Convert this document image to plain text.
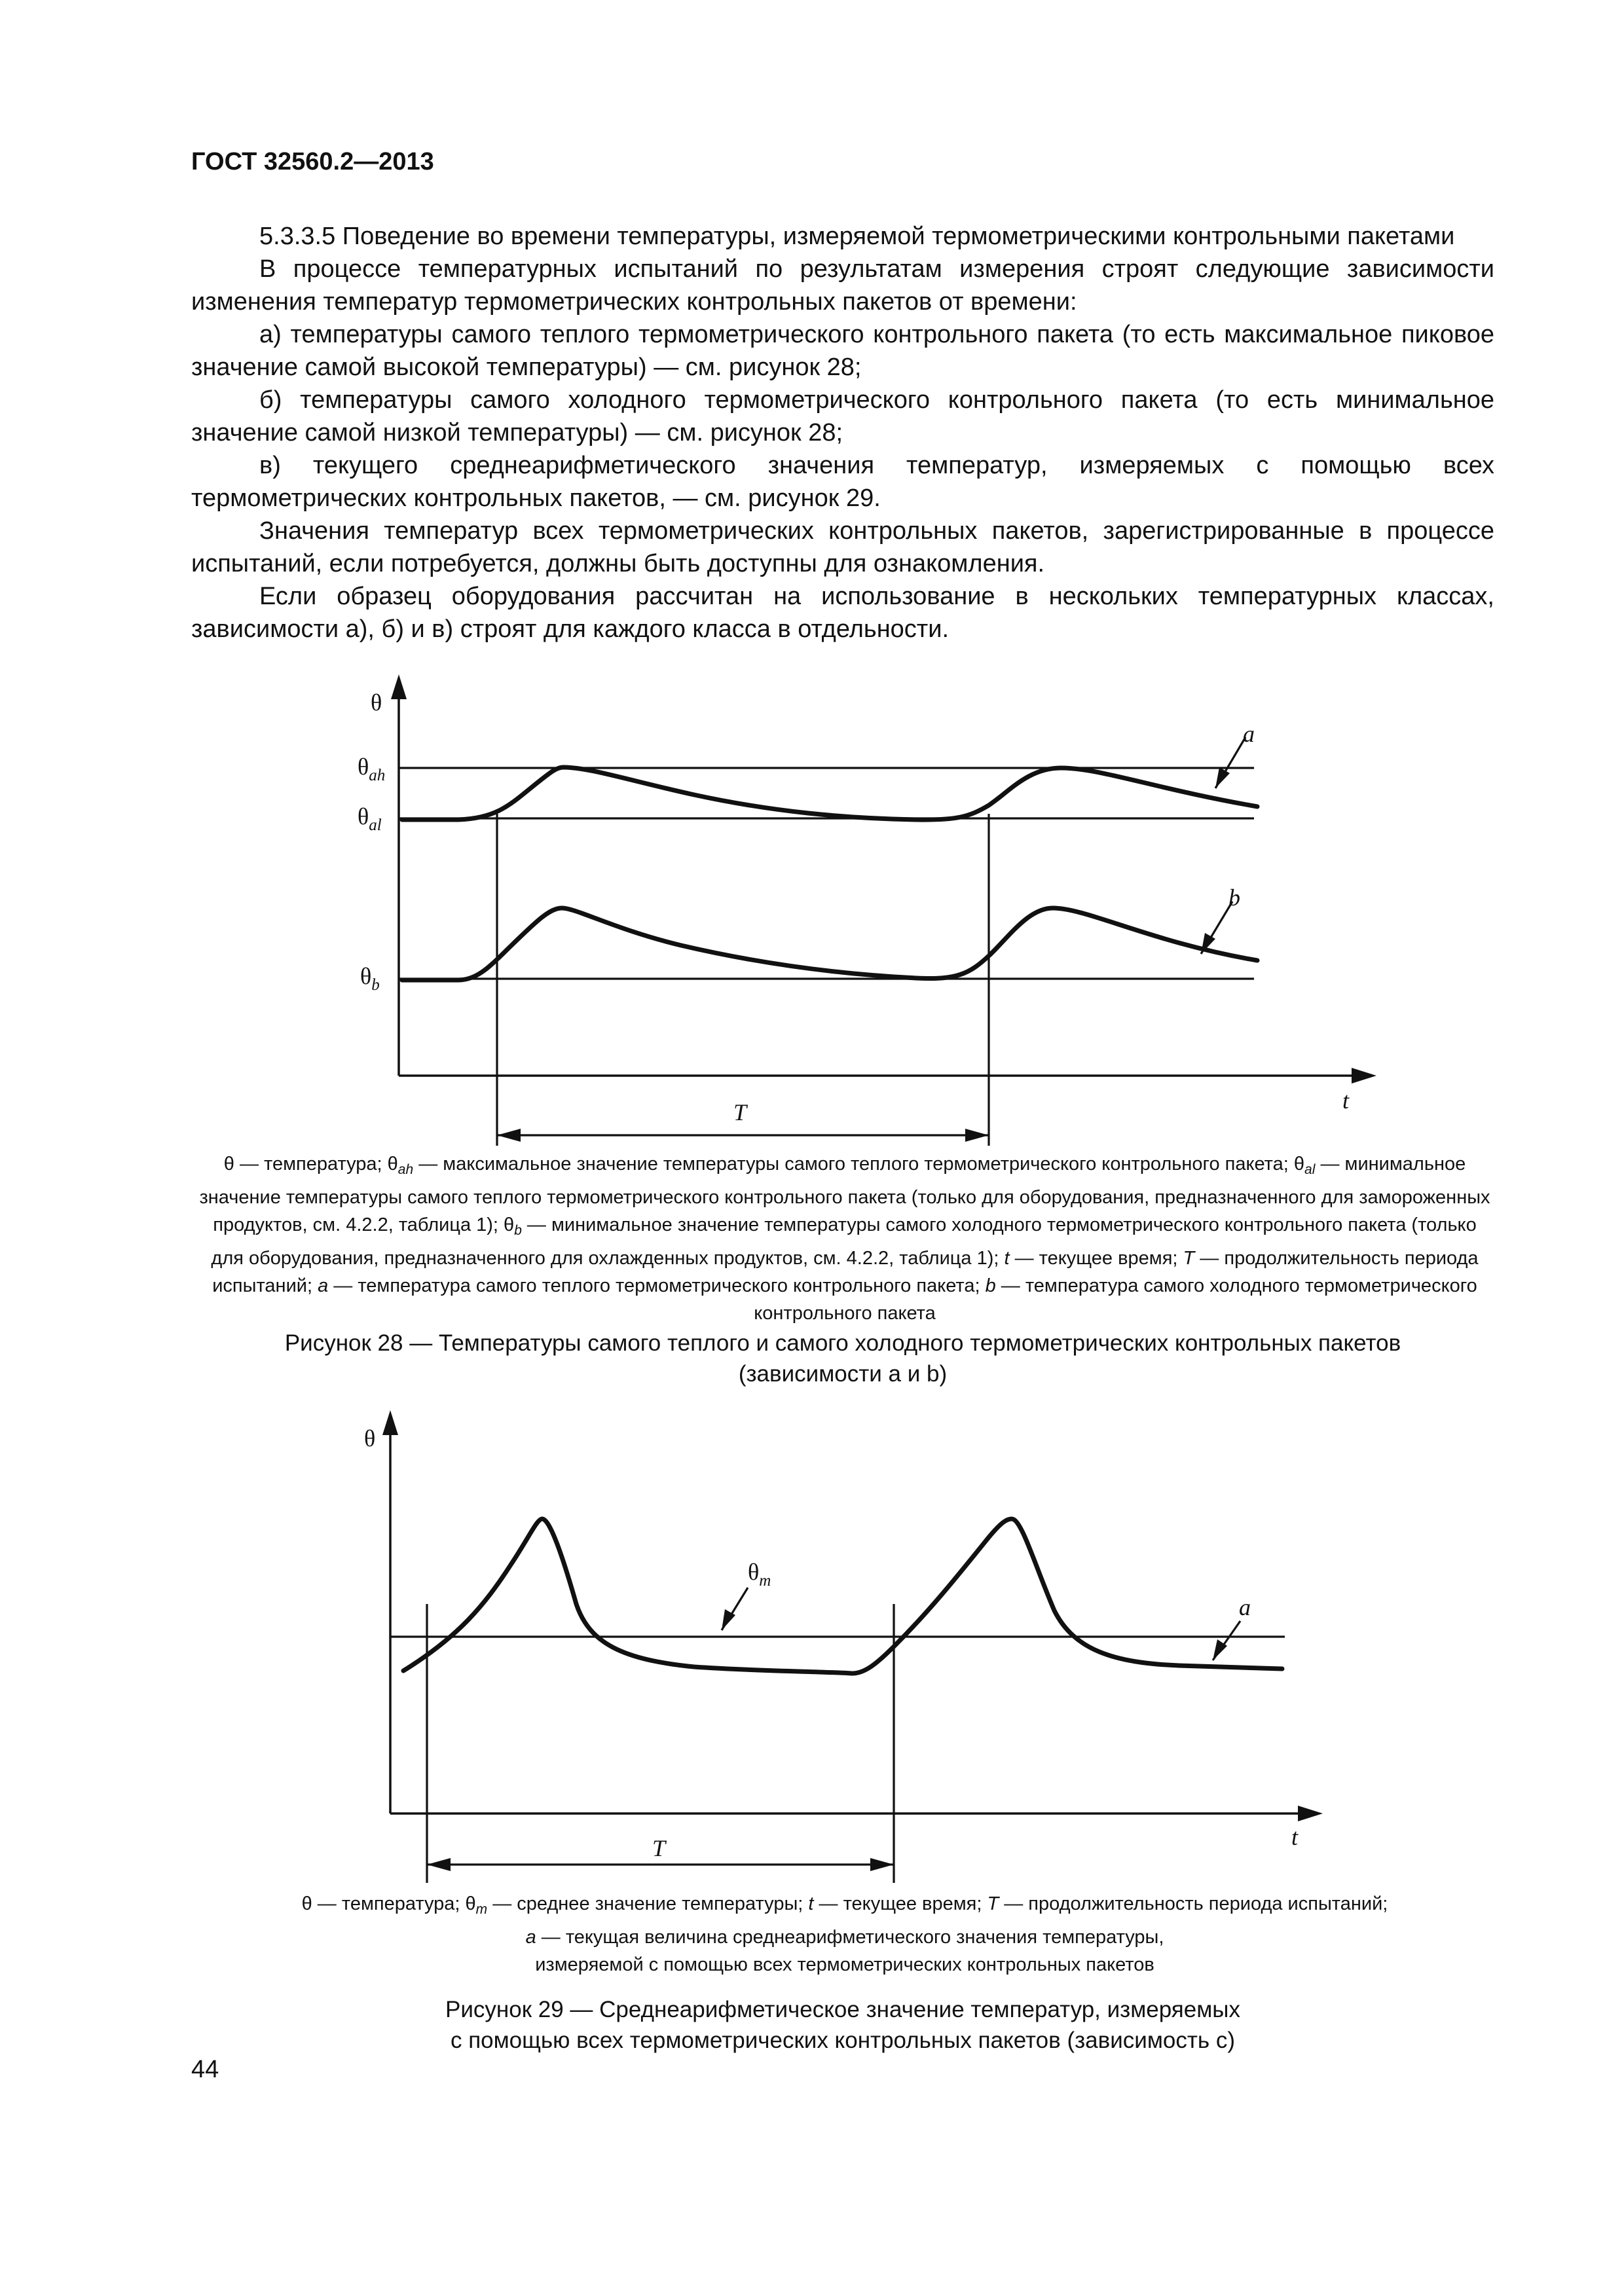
ГОСТ 32560.2—2013

5.3.3.5 Поведение во времени температуры, измеряемой термометрическими контрольными пакетами

В процессе температурных испытаний по результатам измерения строят следующие зависимости изменения температур термометрических контрольных пакетов от времени:

а) температуры самого теплого термометрического контрольного пакета (то есть максимальное пиковое значение самой высокой температуры) — см. рисунок 28;

б) температуры самого холодного термометрического контрольного пакета (то есть минимальное значение самой низкой температуры) — см. рисунок 28;

в) текущего среднеарифметического значения температур, измеряемых с помощью всех термометрических контрольных пакетов, — см. рисунок 29.

Значения температур всех термометрических контрольных пакетов, зарегистрированные в процессе испытаний, если потребуется, должны быть доступны для ознакомления.

Если образец оборудования рассчитан на использование в нескольких температурных классах, зависимости а), б) и в) строят для каждого класса в отдельности.

θ
$\theta_{ah}$
$\theta_{al}$
$\theta_b$
a
b
t
T
θ — температура; $\theta_{ah}$ — максимальное значение температуры самого теплого термометрического контрольного пакета; $\theta_{al}$ — минимальное значение температуры самого теплого термометрического контрольного пакета (только для оборудования, предназначенного для замороженных продуктов, см. 4.2.2, таблица 1); $\theta_b$ — минимальное значение температуры самого холодного термометрического контрольного пакета (только для оборудования, предназначенного для охлажденных продуктов, см. 4.2.2, таблица 1); t — текущее время; T — продолжительность периода испытаний; a — температура самого теплого термометрического контрольного пакета; b — температура самого холодного термометрического контрольного пакета
Рисунок 28 — Температуры самого теплого и самого холодного термометрических контрольных пакетов
(зависимости a и b)
θ
$\theta_m$
a
t
T
θ — температура; $\theta_m$ — среднее значение температуры; t — текущее время; T — продолжительность периода испытаний;
a — текущая величина среднеарифметического значения температуры,
измеряемой с помощью всех термометрических контрольных пакетов
Рисунок 29 — Среднеарифметическое значение температур, измеряемых
с помощью всех термометрических контрольных пакетов (зависимость c)
44
